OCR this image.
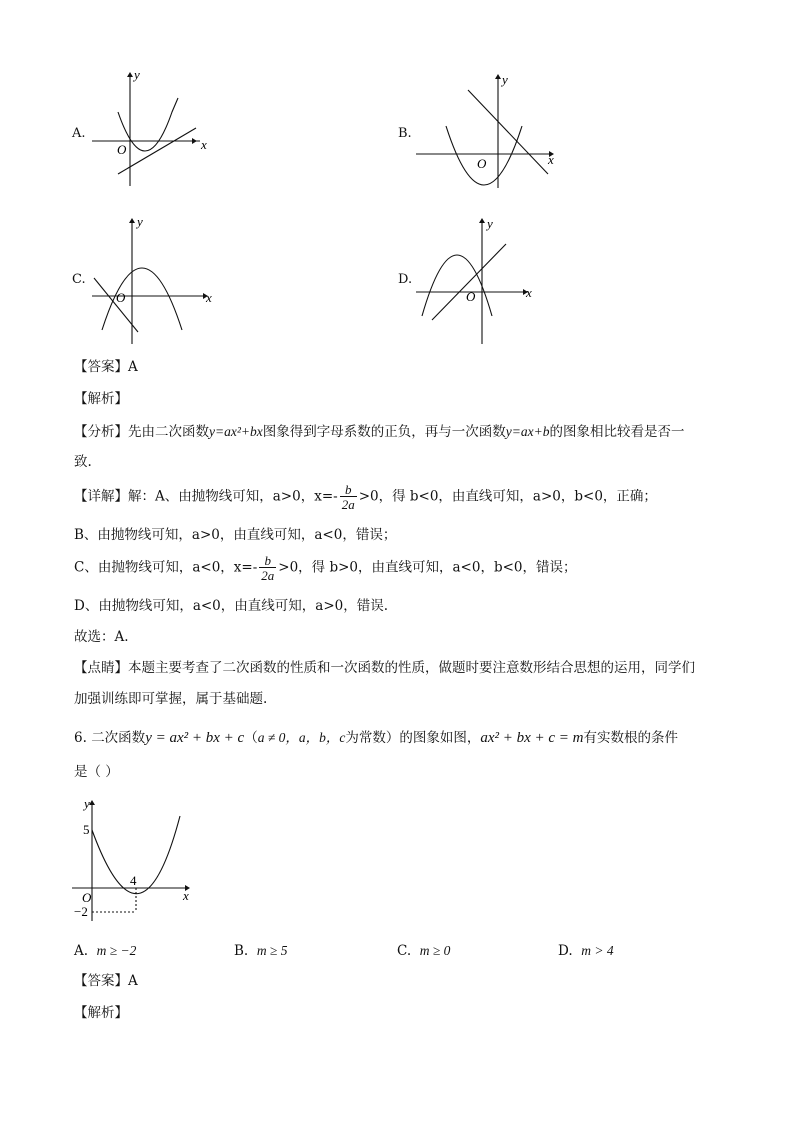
A.
y
x
O
B.
y
x
O
C.
y
x
O
D.
y
x
O
【答案】A
【解析】
【分析】先由二次函数y=ax²+bx图象得到字母系数的正负，再与一次函数y=ax+b的图象相比较看是否一
致.
【详解】解：A、由抛物线可知，a>0，$x=- \frac{b}{2a} >0$，得 b<0，由直线可知，a>0，b<0，正确；
B、由抛物线可知，a>0，由直线可知，a<0，错误；
C、由抛物线可知，a<0，$x=- \frac{b}{2a} >0$，得 b>0，由直线可知，a<0，b<0，错误；
D、由抛物线可知，a<0，由直线可知，a>0，错误.
故选：A.
【点睛】本题主要考查了二次函数的性质和一次函数的性质，做题时要注意数形结合思想的运用，同学们
加强训练即可掌握，属于基础题.
6. 二次函数y = ax² + bx + c（a ≠ 0，a，b，c为常数）的图象如图，ax² + bx + c = m有实数根的条件
是（ ）
y
x
O
5
4
−2
A. m ≥ −2	B. m ≥ 5	C. m ≥ 0	D. m > 4
【答案】A
【解析】
